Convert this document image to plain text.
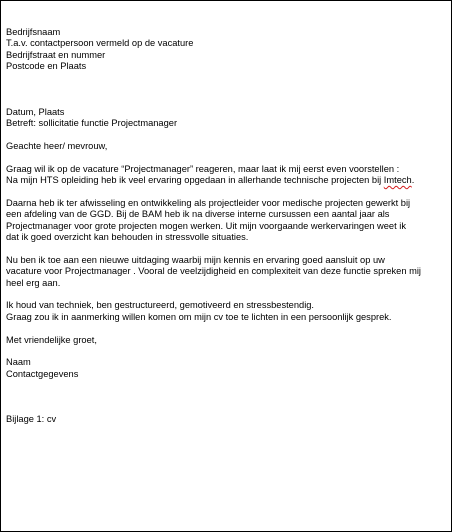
Bedrijfsnaam
T.a.v. contactpersoon vermeld op de vacature
Bedrijfstraat en nummer
Postcode en Plaats
Datum, Plaats
Betreft: sollicitatie functie Projectmanager
Geachte heer/ mevrouw,
Graag wil ik op de vacature “Projectmanager” reageren, maar laat ik mij eerst even voorstellen :
Na mijn HTS opleiding heb ik veel ervaring opgedaan in allerhande technische projecten bij Imtech.
Daarna heb ik ter afwisseling en ontwikkeling als projectleider voor medische projecten gewerkt bij
een afdeling van de GGD. Bij de BAM heb ik na diverse interne cursussen een aantal jaar als
Projectmanager voor grote projecten mogen werken. Uit mijn voorgaande werkervaringen weet ik
dat ik goed overzicht kan behouden in stressvolle situaties.
Nu ben ik toe aan een nieuwe uitdaging waarbij mijn kennis en ervaring goed aansluit op uw
vacature voor Projectmanager . Vooral de veelzijdigheid en complexiteit van deze functie spreken mij
heel erg aan.
Ik houd van techniek, ben gestructureerd, gemotiveerd en stressbestendig.
Graag zou ik in aanmerking willen komen om mijn cv toe te lichten in een persoonlijk gesprek.
Met vriendelijke groet,
Naam
Contactgegevens
Bijlage 1: cv
